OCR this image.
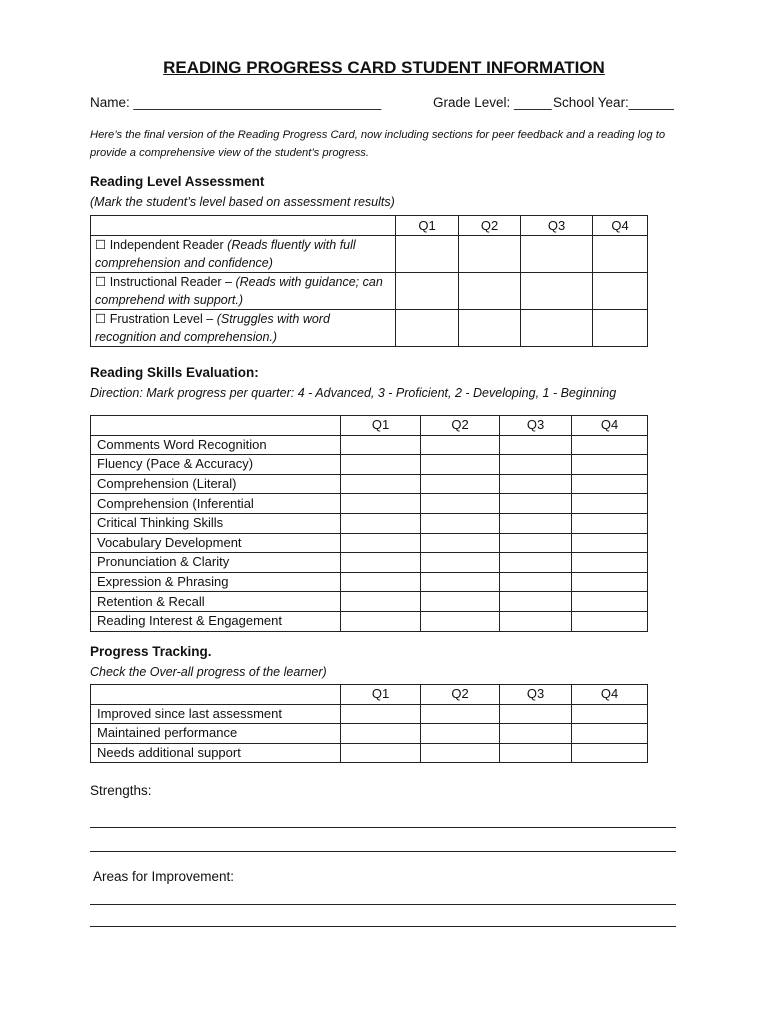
READING PROGRESS CARD STUDENT INFORMATION
Name: _________________________________	Grade Level: _____ School Year:______
Here’s the final version of the Reading Progress Card, now including sections for peer feedback and a reading log to provide a comprehensive view of the student’s progress.
Reading Level Assessment
(Mark the student’s level based on assessment results)
	Q1	Q2	Q3	Q4
☐ Independent Reader (Reads fluently with full comprehension and confidence)				
☐ Instructional Reader – (Reads with guidance; can comprehend with support.)				
☐ Frustration Level – (Struggles with word recognition and comprehension.)				
Reading Skills Evaluation:
Direction: Mark progress per quarter: 4 - Advanced, 3 - Proficient, 2 - Developing, 1 - Beginning
	Q1	Q2	Q3	Q4
Comments Word Recognition				
Fluency (Pace & Accuracy)				
Comprehension (Literal)				
Comprehension (Inferential				
Critical Thinking Skills				
Vocabulary Development				
Pronunciation & Clarity				
Expression & Phrasing				
Retention & Recall				
Reading Interest & Engagement				
Progress Tracking.
Check the Over-all progress of the learner)
	Q1	Q2	Q3	Q4
Improved since last assessment				
Maintained performance				
Needs additional support				
Strengths:
Areas for Improvement:
